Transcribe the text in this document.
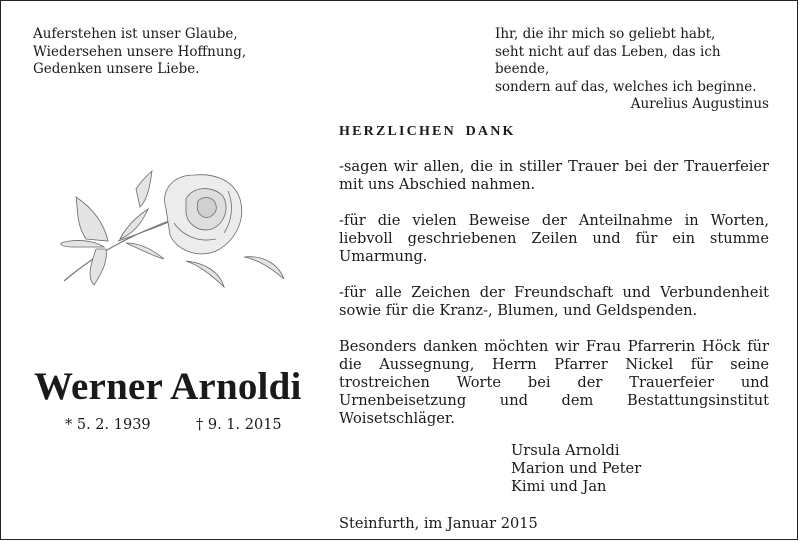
Auferstehen ist unser Glaube,
Wiedersehen unsere Hoffnung,
Gedenken unsere Liebe.
Ihr, die ihr mich so geliebt habt,
seht nicht auf das Leben, das ich beende,
sondern auf das, welches ich beginne.
Aurelius Augustinus
Werner Arnoldi
* 5. 2. 1939	† 9. 1. 2015
HERZLICHEN DANK
-sagen wir allen, die in stiller Trauer bei der Trauerfeier mit uns Abschied nahmen.
-für die vielen Beweise der Anteilnahme in Worten, liebvoll geschriebenen Zeilen und für ein stumme Umarmung.
-für alle Zeichen der Freundschaft und Verbundenheit sowie für die Kranz-, Blumen, und Geldspenden.
Besonders danken möchten wir Frau Pfarrerin Höck für die Aussegnung, Herrn Pfarrer Nickel für seine trostreichen Worte bei der Trauerfeier und Urnenbeisetzung und dem Bestattungsinstitut Woisetschläger.
Ursula Arnoldi
Marion und Peter
Kimi und Jan
Steinfurth, im Januar 2015
